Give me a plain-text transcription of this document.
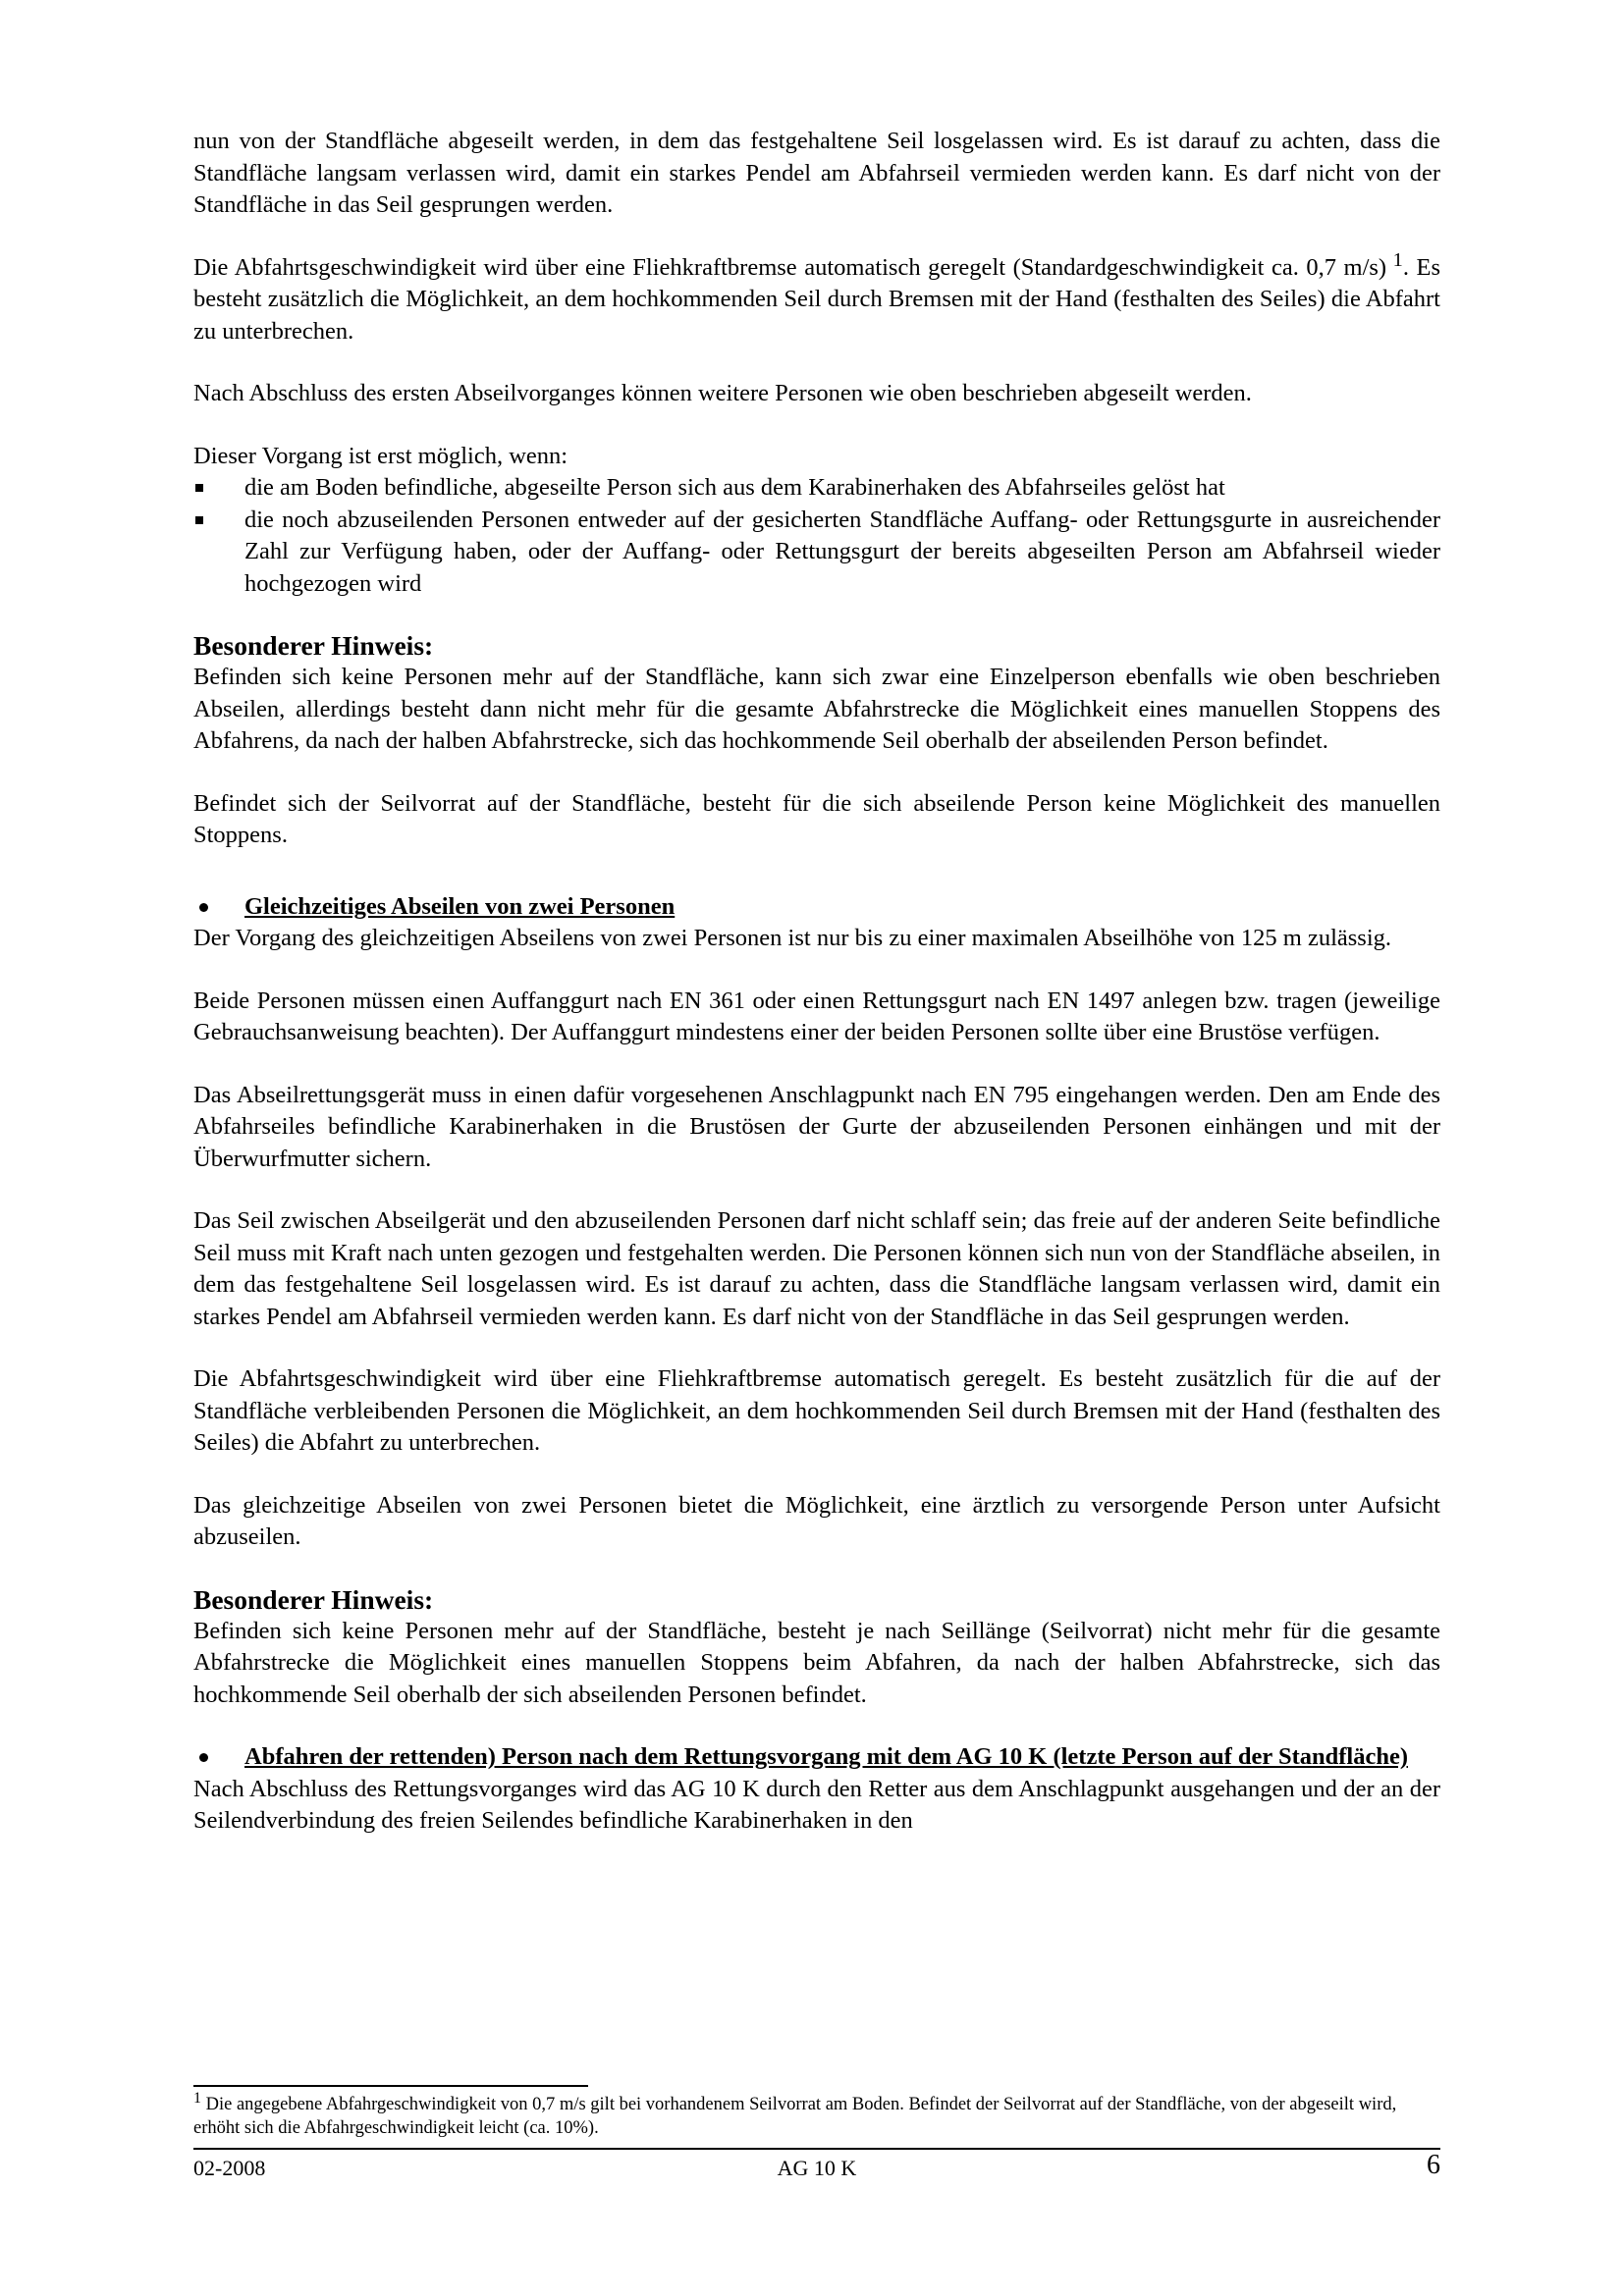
nun von der Standfläche abgeseilt werden, in dem das festgehaltene Seil losgelassen wird. Es ist darauf zu achten, dass die Standfläche langsam verlassen wird, damit ein starkes Pendel am Abfahrseil vermieden werden kann. Es darf nicht von der Standfläche in das Seil gesprungen werden.

Die Abfahrtsgeschwindigkeit wird über eine Fliehkraftbremse automatisch geregelt (Standardgeschwindigkeit ca. 0,7 m/s) $^1$. Es besteht zusätzlich die Möglichkeit, an dem hochkommenden Seil durch Bremsen mit der Hand (festhalten des Seiles) die Abfahrt zu unterbrechen.

Nach Abschluss des ersten Abseilvorganges können weitere Personen wie oben beschrieben abgeseilt werden.

Dieser Vorgang ist erst möglich, wenn:

die am Boden befindliche, abgeseilte Person sich aus dem Karabinerhaken des Abfahrseiles gelöst hat
die noch abzuseilenden Personen entweder auf der gesicherten Standfläche Auffang- oder Rettungsgurte in ausreichender Zahl zur Verfügung haben, oder der Auffang- oder Rettungsgurt der bereits abgeseilten Person am Abfahrseil wieder hochgezogen wird
Besonderer Hinweis:

Befinden sich keine Personen mehr auf der Standfläche, kann sich zwar eine Einzelperson ebenfalls wie oben beschrieben Abseilen, allerdings besteht dann nicht mehr für die gesamte Abfahrstrecke die Möglichkeit eines manuellen Stoppens des Abfahrens, da nach der halben Abfahrstrecke, sich das hochkommende Seil oberhalb der abseilenden Person befindet.

Befindet sich der Seilvorrat auf der Standfläche, besteht für die sich abseilende Person keine Möglichkeit des manuellen Stoppens.

Gleichzeitiges Abseilen von zwei Personen

Der Vorgang des gleichzeitigen Abseilens von zwei Personen ist nur bis zu einer maximalen Abseilhöhe von 125 m zulässig.

Beide Personen müssen einen Auffanggurt nach EN 361 oder einen Rettungsgurt nach EN 1497 anlegen bzw. tragen (jeweilige Gebrauchsanweisung beachten). Der Auffanggurt mindestens einer der beiden Personen sollte über eine Brustöse verfügen.

Das Abseilrettungsgerät muss in einen dafür vorgesehenen Anschlagpunkt nach EN 795 eingehangen werden. Den am Ende des Abfahrseiles befindliche Karabinerhaken in die Brustösen der Gurte der abzuseilenden Personen einhängen und mit der Überwurfmutter sichern.

Das Seil zwischen Abseilgerät und den abzuseilenden Personen darf nicht schlaff sein; das freie auf der anderen Seite befindliche Seil muss mit Kraft nach unten gezogen und festgehalten werden. Die Personen können sich nun von der Standfläche abseilen, in dem das festgehaltene Seil losgelassen wird. Es ist darauf zu achten, dass die Standfläche langsam verlassen wird, damit ein starkes Pendel am Abfahrseil vermieden werden kann. Es darf nicht von der Standfläche in das Seil gesprungen werden.

Die Abfahrtsgeschwindigkeit wird über eine Fliehkraftbremse automatisch geregelt. Es besteht zusätzlich für die auf der Standfläche verbleibenden Personen die Möglichkeit, an dem hochkommenden Seil durch Bremsen mit der Hand (festhalten des Seiles) die Abfahrt zu unterbrechen.

Das gleichzeitige Abseilen von zwei Personen bietet die Möglichkeit, eine ärztlich zu versorgende Person unter Aufsicht abzuseilen.

Besonderer Hinweis:

Befinden sich keine Personen mehr auf der Standfläche, besteht je nach Seillänge (Seilvorrat) nicht mehr für die gesamte Abfahrstrecke die Möglichkeit eines manuellen Stoppens beim Abfahren, da nach der halben Abfahrstrecke, sich das hochkommende Seil oberhalb der sich abseilenden Personen befindet.

Abfahren der rettenden) Person nach dem Rettungsvorgang mit dem AG 10 K (letzte Person auf der Standfläche)

Nach Abschluss des Rettungsvorganges wird das AG 10 K durch den Retter aus dem Anschlagpunkt ausgehangen und der an der Seilendverbindung des freien Seilendes befindliche Karabinerhaken in den

$^1$ Die angegebene Abfahrgeschwindigkeit von 0,7 m/s gilt bei vorhandenem Seilvorrat am Boden. Befindet der Seilvorrat auf der Standfläche, von der abgeseilt wird, erhöht sich die Abfahrgeschwindigkeit leicht (ca. 10%).
02-2008	AG 10 K	6
